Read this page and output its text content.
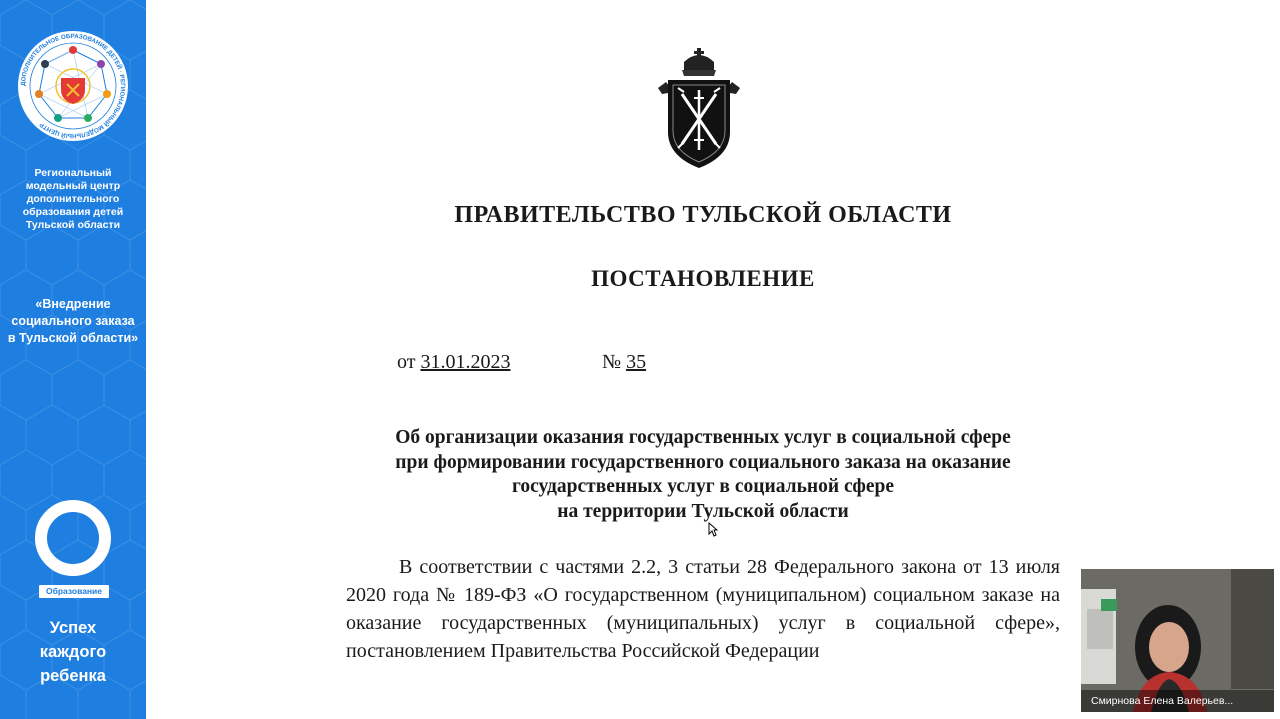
ДОПОЛНИТЕЛЬНОЕ ОБРАЗОВАНИЕ ДЕТЕЙ · РЕГИОНАЛЬНЫЙ МОДЕЛЬНЫЙ ЦЕНТР
Региональный
модельный центр
дополнительного
образования детей
Тульской области
«Внедрение
социального заказа
в Тульской области»
Образование
Успех
каждого
ребенка
ПРАВИТЕЛЬСТВО ТУЛЬСКОЙ ОБЛАСТИ
ПОСТАНОВЛЕНИЕ
от 31.01.2023	№ 35
Об организации оказания государственных услуг в социальной сфере
при формировании государственного социального заказа на оказание
государственных услуг в социальной сфере
на территории Тульской области

В соответствии с частями 2.2, 3 статьи 28 Федерального закона от 13 июля 2020 года № 189-ФЗ «О государственном (муниципальном) социальном заказе на оказание государственных (муниципальных) услуг в социальной сфере», постановлением Правительства Российской Федерации

Смирнова Елена Валерьев...
